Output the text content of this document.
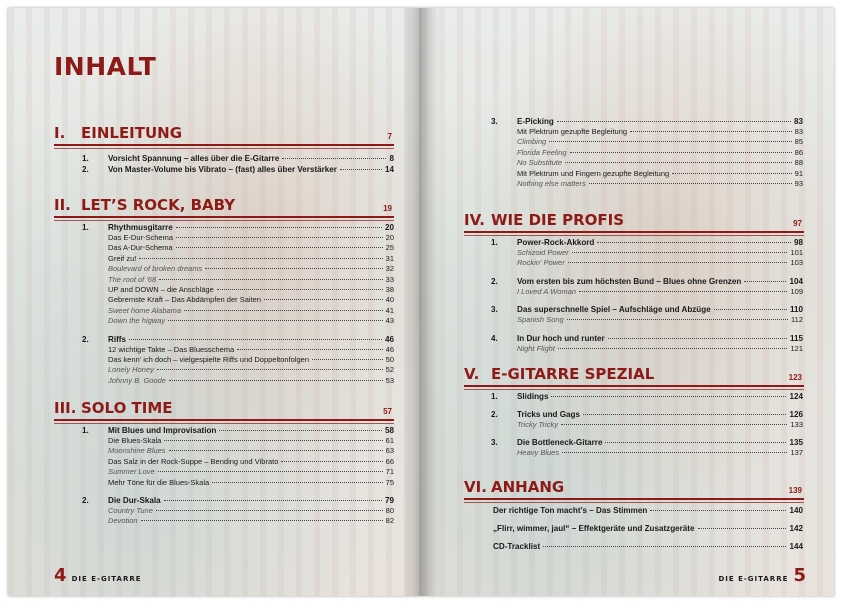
INHALT
I. EINLEITUNG	7
1.	Vorsicht Spannung – alles über die E-Gitarre	8
2.	Von Master-Volume bis Vibrato – (fast) alles über Verstärker	14
II. LET’S ROCK, BABY	19
1.	Rhythmusgitarre	20
Das E-Dur-Schema	20
Das A-Dur-Schema	25
Greif zu!	31
Boulevard of broken dreams	32
The root of '68	33
UP and DOWN – die Anschläge	38
Gebremste Kraft – Das Abdämpfen der Saiten	40
Sweet home Alabama	41
Down the higway	43
2.	Riffs	46
12 wichtige Takte – Das Bluesschema	46
Das kenn' ich doch – vielgespielte Riffs und Doppeltonfolgen	50
Lonely Honey	52
Johnny B. Goode	53
III. SOLO TIME	57
1.	Mit Blues und Improvisation	58
Die Blues-Skala	61
Moonshine Blues	63
Das Salz in der Rock-Suppe – Bending und Vibrato	66
Summer Love	71
Mehr Töne für die Blues-Skala	75
2.	Die Dur-Skala	79
Country Tune	80
Devotion	82
4 DIE E-GITARRE
3.	E-Picking	83
Mit Plektrum gezupfte Begleitung	83
Climbing	85
Florida Feeling	86
No Substitute	88
Mit Plektrum und Fingern gezupfte Begleitung	91
Nothing else matters	93
IV. WIE DIE PROFIS	97
1.	Power-Rock-Akkord	98
Schizoid Power	101
Rockin' Power	103
2.	Vom ersten bis zum höchsten Bund – Blues ohne Grenzen	104
I Loved A Woman	109
3.	Das superschnelle Spiel – Aufschläge und Abzüge	110
Spanish Song	112
4.	In Dur hoch und runter	115
Night Flight	121
V. E-GITARRE SPEZIAL	123
1.	Slidings	124
2.	Tricks und Gags	126
Tricky Tricky	133
3.	Die Bottleneck-Gitarre	135
Heavy Blues	137
VI. ANHANG	139
Der richtige Ton macht’s – Das Stimmen	140
„Flirr, wimmer, jaul“ – Effektgeräte und Zusatzgeräte	142
CD-Tracklist	144
DIE E-GITARRE 5
